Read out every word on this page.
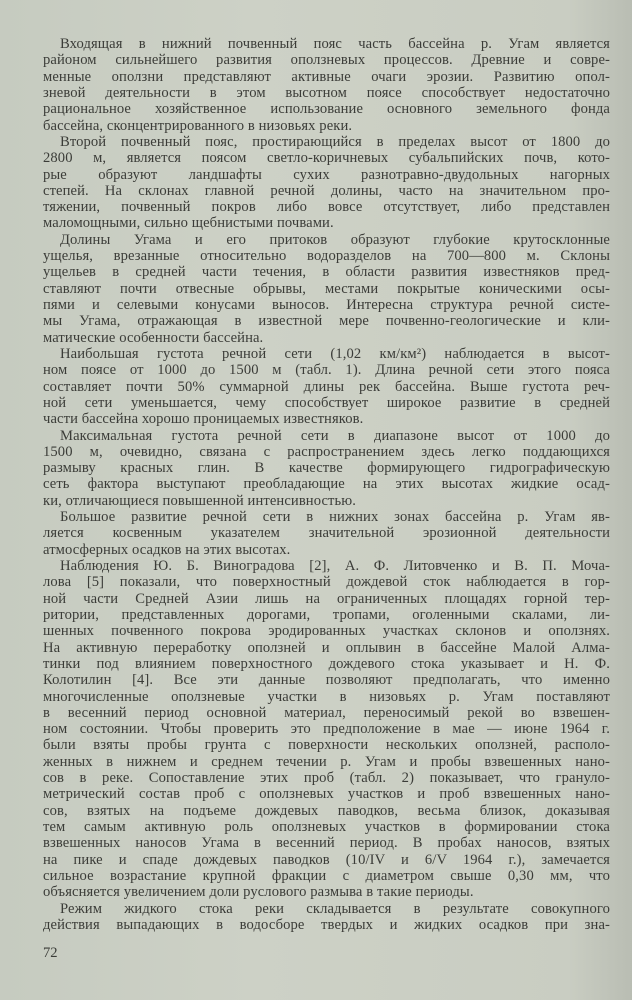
Входящая в нижний почвенный пояс часть бассейна р. Угам является
районом сильнейшего развития оползневых процессов. Древние и совре-
менные оползни представляют активные очаги эрозии. Развитию опол-
зневой деятельности в этом высотном поясе способствует недостаточно
рациональное хозяйственное использование основного земельного фонда
бассейна, сконцентрированного в низовьях реки.
Второй почвенный пояс, простирающийся в пределах высот от 1800 до
2800 м, является поясом светло-коричневых субальпийских почв, кото-
рые образуют ландшафты сухих разнотравно-двудольных нагорных
степей. На склонах главной речной долины, часто на значительном про-
тяжении, почвенный покров либо вовсе отсутствует, либо представлен
маломощными, сильно щебнистыми почвами.
Долины Угама и его притоков образуют глубокие крутосклонные
ущелья, врезанные относительно водоразделов на 700—800 м. Склоны
ущельев в средней части течения, в области развития известняков пред-
ставляют почти отвесные обрывы, местами покрытые коническими осы-
пями и селевыми конусами выносов. Интересна структура речной систе-
мы Угама, отражающая в известной мере почвенно-геологические и кли-
матические особенности бассейна.
Наибольшая густота речной сети (1,02 км/км²) наблюдается в высот-
ном поясе от 1000 до 1500 м (табл. 1). Длина речной сети этого пояса
составляет почти 50% суммарной длины рек бассейна. Выше густота реч-
ной сети уменьшается, чему способствует широкое развитие в средней
части бассейна хорошо проницаемых известняков.
Максимальная густота речной сети в диапазоне высот от 1000 до
1500 м, очевидно, связана с распространением здесь легко поддающихся
размыву красных глин. В качестве формирующего гидрографическую
сеть фактора выступают преобладающие на этих высотах жидкие осад-
ки, отличающиеся повышенной интенсивностью.
Большое развитие речной сети в нижних зонах бассейна р. Угам яв-
ляется косвенным указателем значительной эрозионной деятельности
атмосферных осадков на этих высотах.
Наблюдения Ю. Б. Виноградова [2], А. Ф. Литовченко и В. П. Моча-
лова [5] показали, что поверхностный дождевой сток наблюдается в гор-
ной части Средней Азии лишь на ограниченных площадях горной тер-
ритории, представленных дорогами, тропами, оголенными скалами, ли-
шенных почвенного покрова эродированных участках склонов и оползнях.
На активную переработку оползней и оплывин в бассейне Малой Алма-
тинки под влиянием поверхностного дождевого стока указывает и Н. Ф.
Колотилин [4]. Все эти данные позволяют предполагать, что именно
многочисленные оползневые участки в низовьях р. Угам поставляют
в весенний период основной материал, переносимый рекой во взвешен-
ном состоянии. Чтобы проверить это предположение в мае — июне 1964 г.
были взяты пробы грунта с поверхности нескольких оползней, располо-
женных в нижнем и среднем течении р. Угам и пробы взвешенных нано-
сов в реке. Сопоставление этих проб (табл. 2) показывает, что грануло-
метрический состав проб с оползневых участков и проб взвешенных нано-
сов, взятых на подъеме дождевых паводков, весьма близок, доказывая
тем самым активную роль оползневых участков в формировании стока
взвешенных наносов Угама в весенний период. В пробах наносов, взятых
на пике и спаде дождевых паводков (10/IV и 6/V 1964 г.), замечается
сильное возрастание крупной фракции с диаметром свыше 0,30 мм, что
объясняется увеличением доли руслового размыва в такие периоды.
Режим жидкого стока реки складывается в результате совокупного
действия выпадающих в водосборе твердых и жидких осадков при зна-
72
